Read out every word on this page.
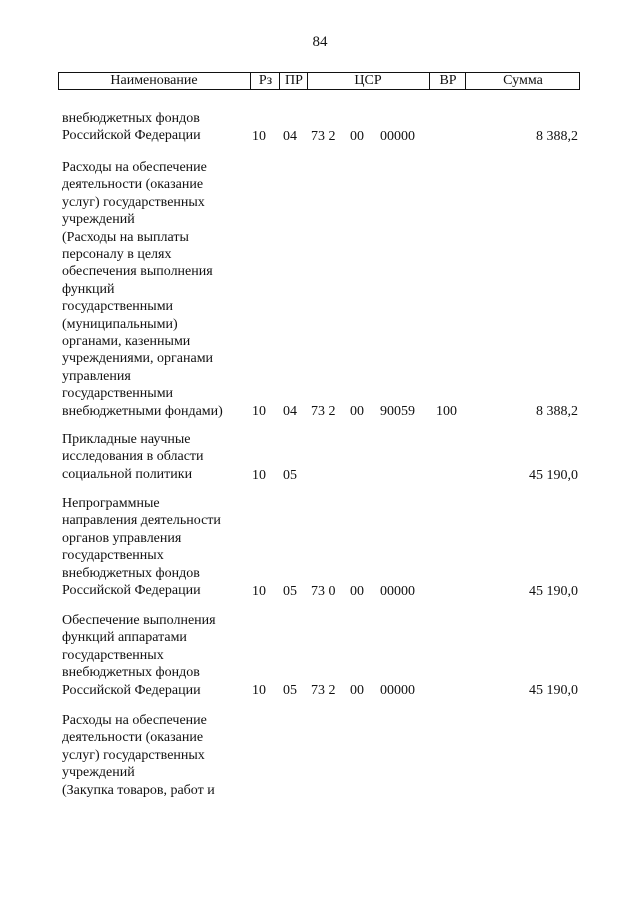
84
Наименование	Рз ПР	ЦСР	ВР	Сумма
внебюджетных фондов
Российской Федерации	10 04 73 2 00 00000	8 388,2
Расходы на обеспечение
деятельности (оказание
услуг) государственных
учреждений
(Расходы на выплаты
персоналу в целях
обеспечения выполнения
функций
государственными
(муниципальными)
органами, казенными
учреждениями, органами
управления
государственными
внебюджетными фондами)	10 04 73 2 00 90059 100	8 388,2
Прикладные научные
исследования в области
социальной политики	10 05	45 190,0
Непрограммные
направления деятельности
органов управления
государственных
внебюджетных фондов
Российской Федерации	10 05 73 0 00 00000	45 190,0
Обеспечение выполнения
функций аппаратами
государственных
внебюджетных фондов
Российской Федерации	10 05 73 2 00 00000	45 190,0
Расходы на обеспечение
деятельности (оказание
услуг) государственных
учреждений
(Закупка товаров, работ и
